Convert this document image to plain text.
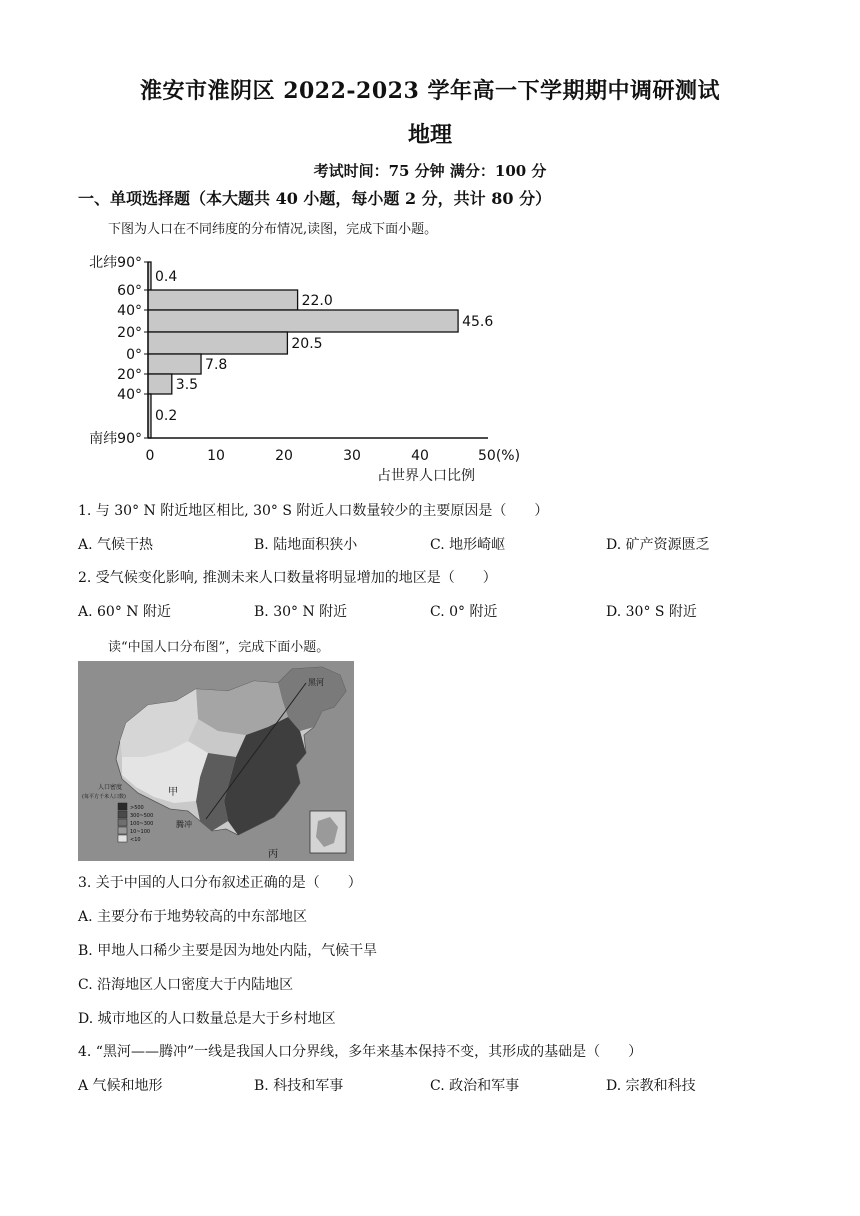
淮安市淮阴区 2022-2023 学年高一下学期期中调研测试
地理
考试时间：75 分钟 满分：100 分
一、单项选择题（本大题共 40 小题，每小题 2 分，共计 80 分）
下图为人口在不同纬度的分布情况,读图，完成下面小题。
0.4
22.0
45.6
20.5
7.8
3.5
0.2
北纬90°
60°
40°
20°
0°
20°
40°
南纬90°
0	10	20	30	40	50(%)
占世界人口比例
1. 与 30° N 附近地区相比, 30° S 附近人口数量较少的主要原因是（　　）
A. 气候干热	B. 陆地面积狭小	C. 地形崎岖	D. 矿产资源匮乏
2. 受气候变化影响, 推测未来人口数量将明显增加的地区是（　　）
A. 60° N 附近	B. 30° N 附近	C. 0° 附近	D. 30° S 附近
读“中国人口分布图”，完成下面小题。
黑河
甲
腾冲
丙
人口密度
(每平方千米人口数)
>500
300~500
100~300
10~100
<10
3. 关于中国的人口分布叙述正确的是（　　）
A. 主要分布于地势较高的中东部地区
B. 甲地人口稀少主要是因为地处内陆，气候干旱
C. 沿海地区人口密度大于内陆地区
D. 城市地区的人口数量总是大于乡村地区
4. “黑河——腾冲”一线是我国人口分界线，多年来基本保持不变，其形成的基础是（　　）
A 气候和地形	B. 科技和军事	C. 政治和军事	D. 宗教和科技
